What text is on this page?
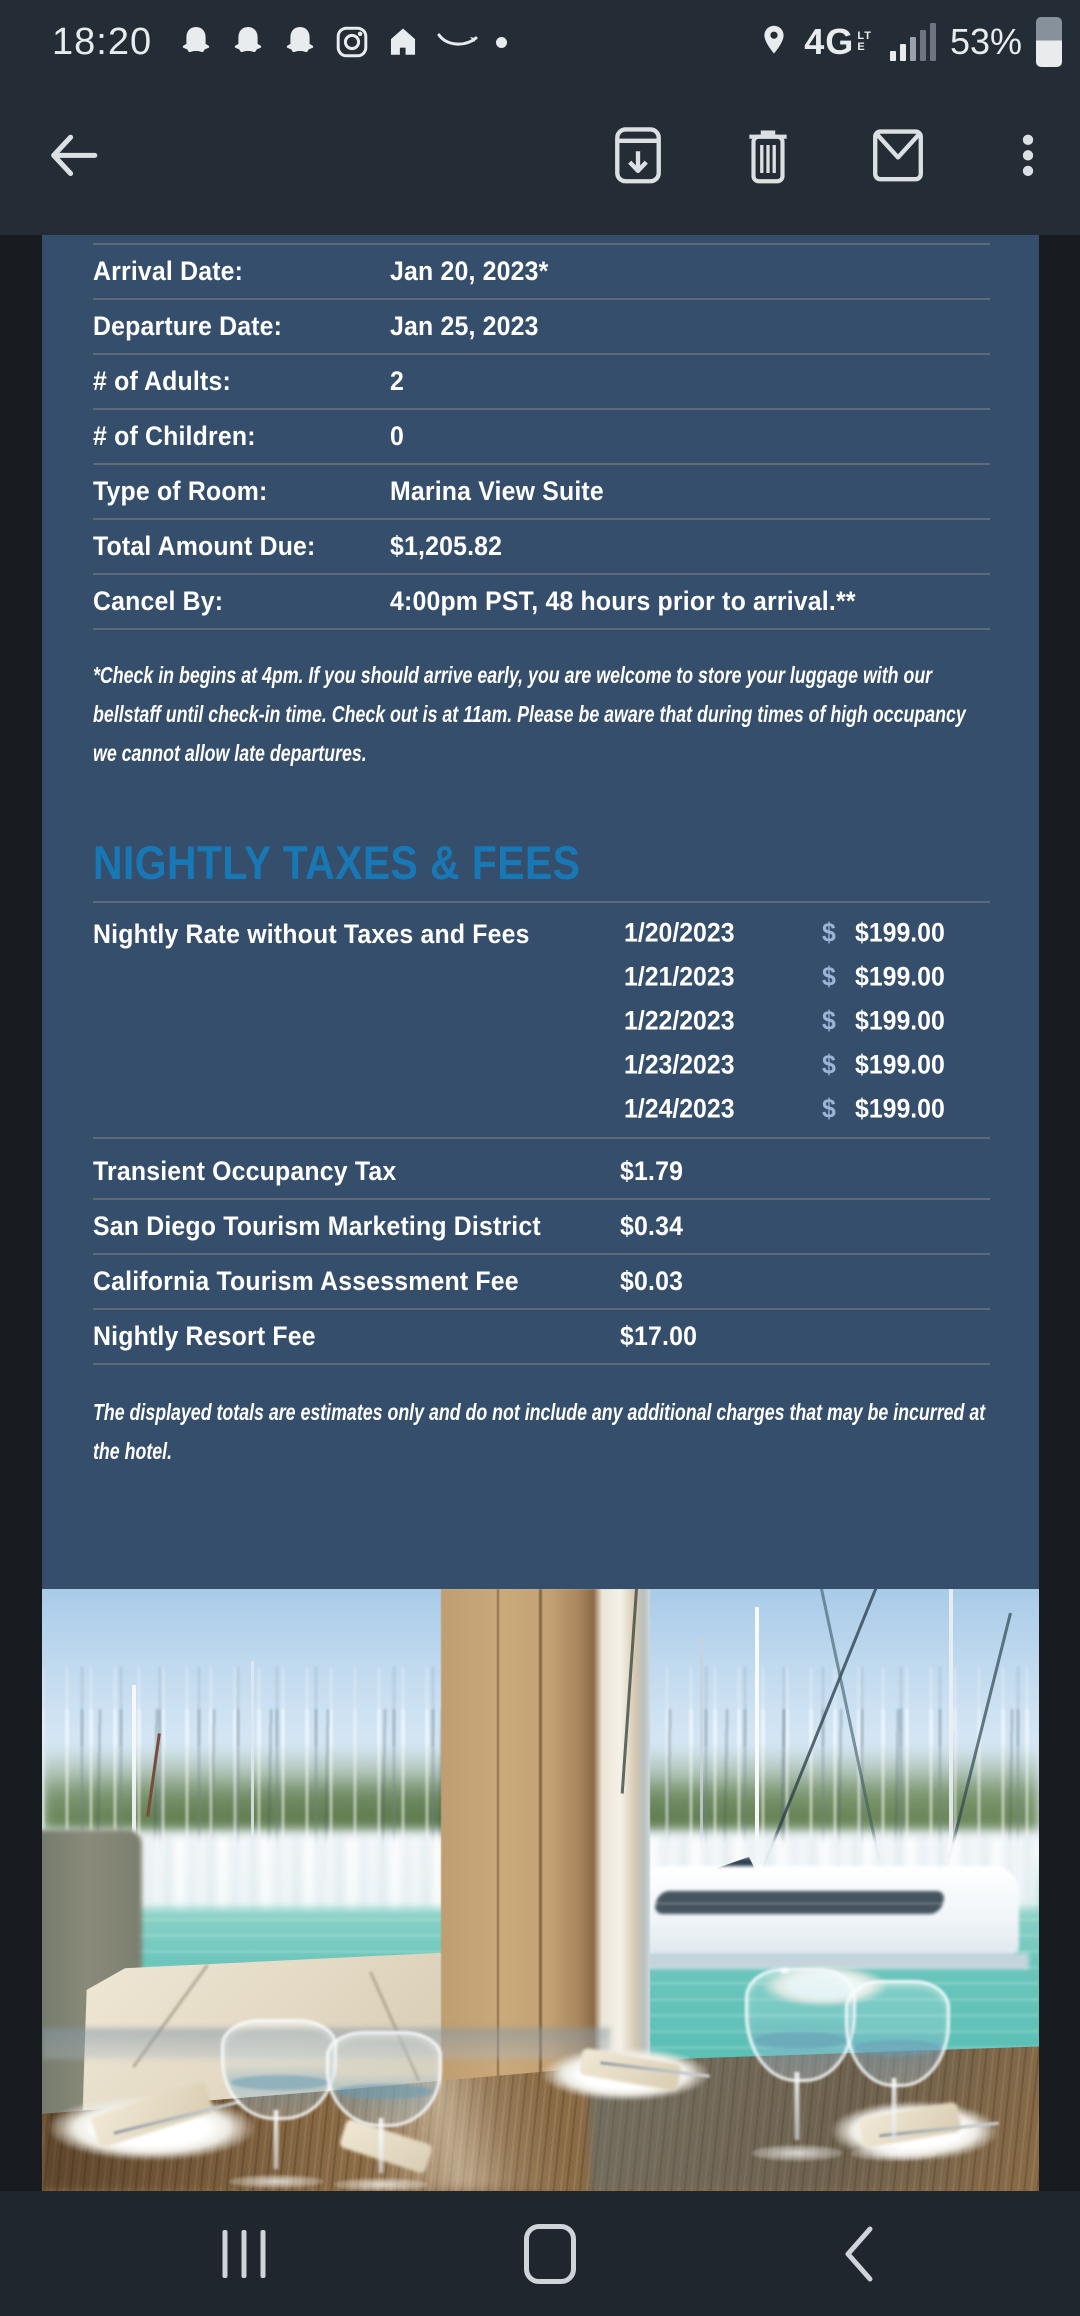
18:20	4G LT
E 53%
Arrival Date:	Jan 20, 2023*
Departure Date:	Jan 25, 2023
# of Adults:	2
# of Children:	0
Type of Room:	Marina View Suite
Total Amount Due:	$1,205.82
Cancel By:	4:00pm PST, 48 hours prior to arrival.**

*Check in begins at 4pm. If you should arrive early, you are welcome to store your luggage with our bellstaff until check-in time. Check out is at 11am. Please be aware that during times of high occupancy we cannot allow late departures.

NIGHTLY TAXES & FEES
Nightly Rate without Taxes and Fees	1/20/2023	$ $199.00
1/21/2023	$ $199.00
1/22/2023	$ $199.00
1/23/2023	$ $199.00
1/24/2023	$ $199.00
Transient Occupancy Tax	$1.79
San Diego Tourism Marketing District	$0.34
California Tourism Assessment Fee	$0.03
Nightly Resort Fee	$17.00

The displayed totals are estimates only and do not include any additional charges that may be incurred at the hotel.
